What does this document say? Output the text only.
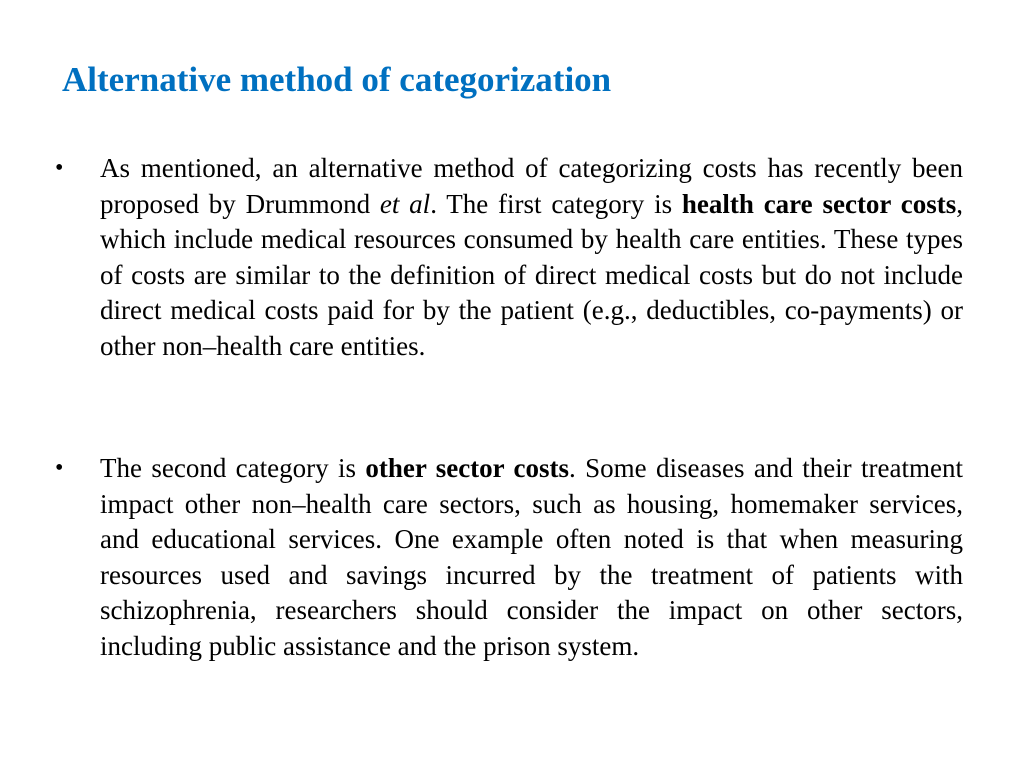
Alternative method of categorization
• As mentioned, an alternative method of categorizing costs has recently been proposed by Drummond et al. The first category is health care sector costs, which include medical resources consumed by health care entities. These types of costs are similar to the definition of direct medical costs but do not include direct medical costs paid for by the patient (e.g., deductibles, co-payments) or other non–health care entities.
• The second category is other sector costs. Some diseases and their treatment impact other non–health care sectors, such as housing, homemaker services, and educational services. One example often noted is that when measuring resources used and savings incurred by the treatment of patients with schizophrenia, researchers should consider the impact on other sectors, including public assistance and the prison system.
